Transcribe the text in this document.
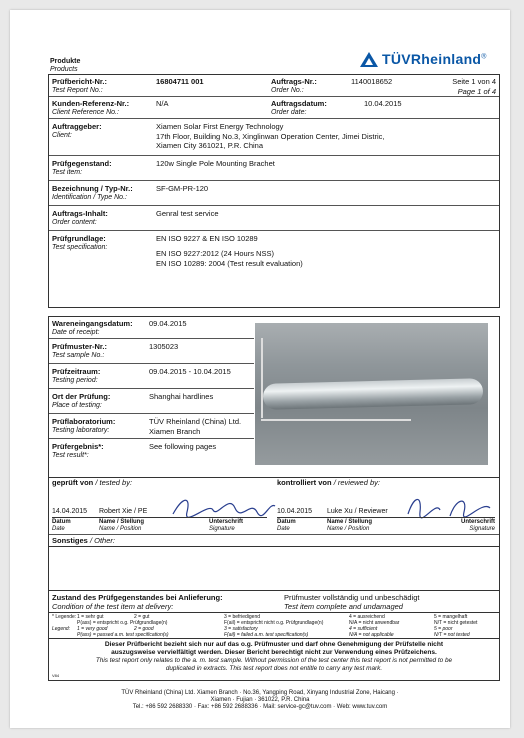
Produkte
Products
TÜVRheinland®
Prüfbericht-Nr.:
Test Report No.:
16804711 001	Auftrags-Nr.:
Order No.:
1140018652	Seite 1 von 4
Page 1 of 4
Kunden-Referenz-Nr.:
Client Reference No.:
N/A	Auftragsdatum:
Order date:
10.04.2015
Auftraggeber:
Client:
Xiamen Solar First Energy Technology
17th Floor, Building No.3, Xinglinwan Operation Center, Jimei Distric,
Xiamen City 361021, P.R. China
Prüfgegenstand:
Test item:
120w Single Pole Mounting Brachet
Bezeichnung / Typ-Nr.:
Identification / Type No.:
SF-GM-PR-120
Auftrags-Inhalt:
Order content:
Genral test service
Prüfgrundlage:
Test specification:
EN ISO 9227 & EN ISO 10289
EN ISO 9227:2012 (24 Hours NSS)
EN ISO 10289: 2004 (Test result evaluation)
Wareneingangsdatum:
Date of receipt:
09.04.2015
Prüfmuster-Nr.:
Test sample No.:
1305023
Prüfzeitraum:
Testing period:
09.04.2015 - 10.04.2015
Ort der Prüfung:
Place of testing:
Shanghai hardlines
Prüflaboratorium:
Testing laboratory:
TÜV Rheinland (China) Ltd.
Xiamen Branch
Prüfergebnis*:
Test result*:
See following pages
geprüft von / tested by:	kontrolliert von / reviewed by:
14.04.2015 Robert Xie / PE
Datum
Date
Name / Stellung
Name / Position
Unterschrift
Signature
10.04.2015 Luke Xu / Reviewer
Datum
Date
Name / Stellung
Name / Position
Unterschrift
Signature
Sonstiges / Other:
Zustand des Prüfgegenstandes bei Anlieferung:
Condition of the test item at delivery:
Prüfmuster vollständig und unbeschädigt
Test item complete and undamaged
* Legende: 1 = sehr gut	2 = gut	3 = befriedigend	4 = ausreichend	5 = mangelhaft
P(ass) = entspricht o.g. Prüfgrundlage(n)	F(ail) = entspricht nicht o.g. Prüfgrundlage(n)	N/A = nicht anwendbar	N/T = nicht getestet
Legend: 1 = very good	2 = good	3 = satisfactory	4 = sufficient	5 = poor
P(ass) = passed a.m. test specification(s)	F(ail) = failed a.m. test specification(s)	N/A = not applicable	N/T = not tested
Dieser Prüfbericht bezieht sich nur auf das o.g. Prüfmuster und darf ohne Genehmigung der Prüfstelle nicht
auszugsweise vervielfältigt werden. Dieser Bericht berechtigt nicht zur Verwendung eines Prüfzeichens.
This test report only relates to the a. m. test sample. Without permission of the test center this test report is not permitted to be
duplicated in extracts. This test report does not entitle to carry any test mark.
V84
TÜV Rheinland (China) Ltd. Xiamen Branch · No.36, Yangping Road, Xinyang Industrial Zone, Haicang ·
Xiamen · Fujian · 361022, P.R. China
Tel.: +86 592 2688330 · Fax: +86 592 2688336 · Mail: service-gc@tuv.com · Web: www.tuv.com
